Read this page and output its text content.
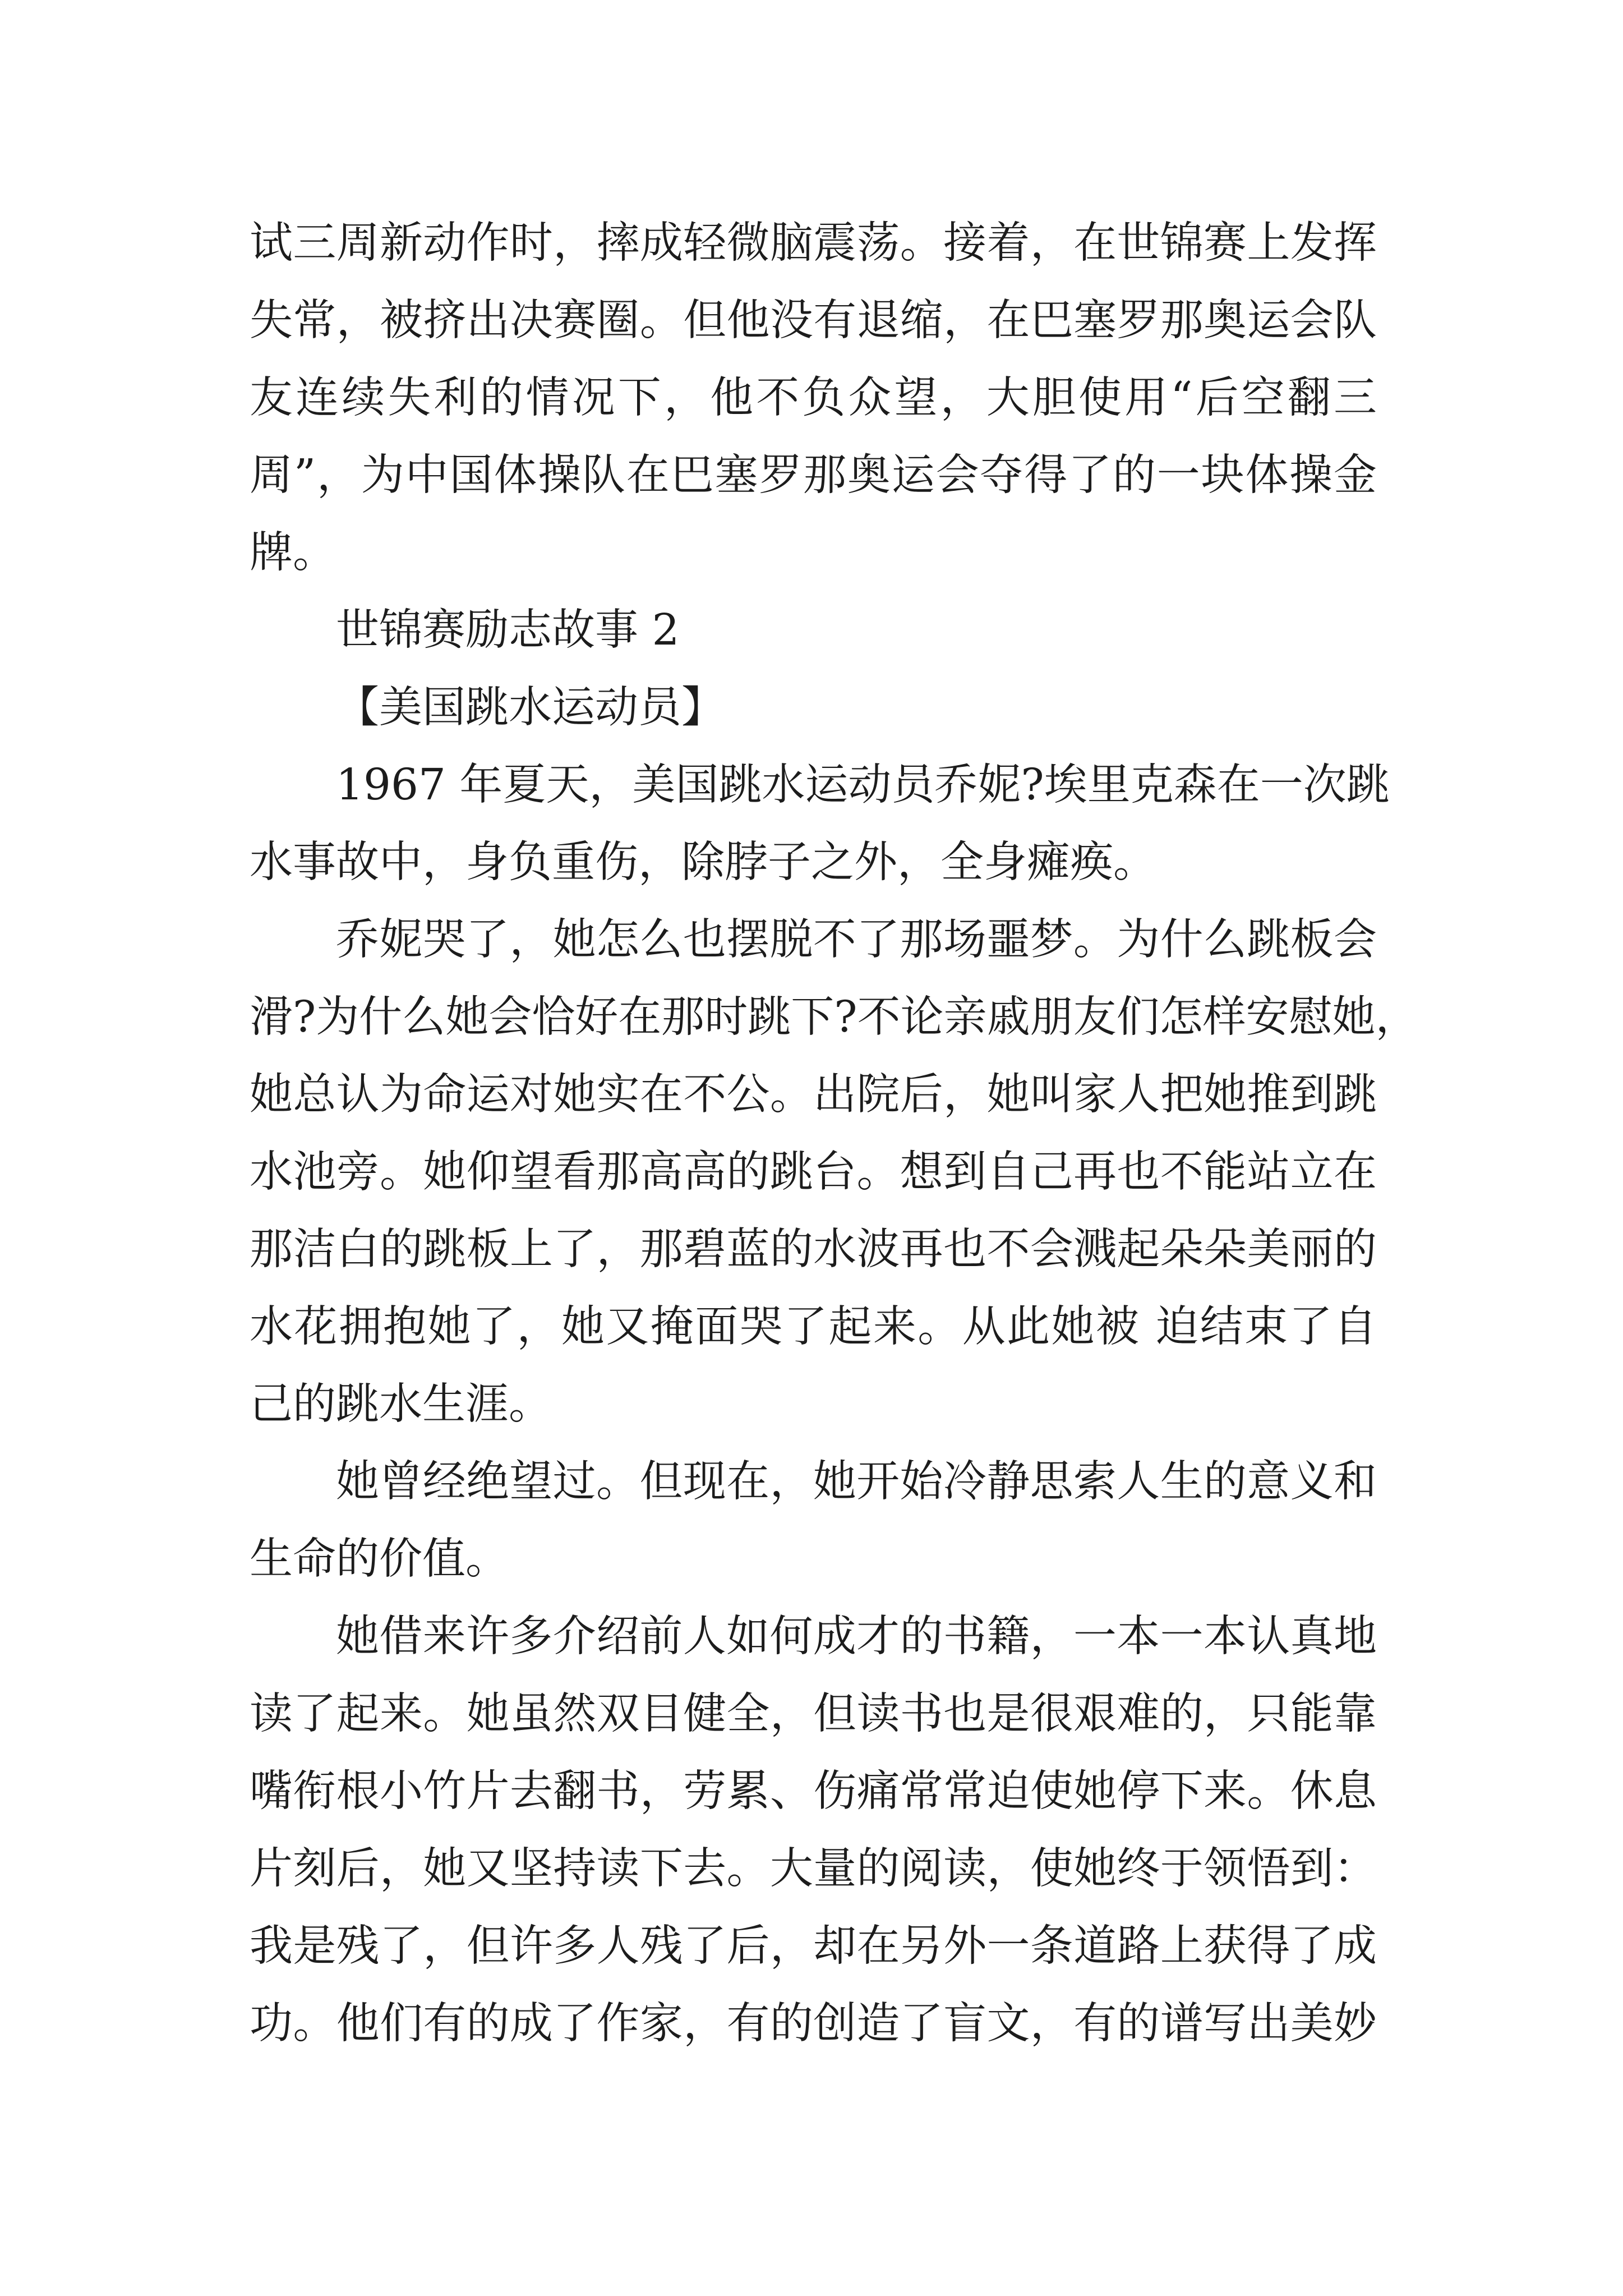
试三周新动作时，摔成轻微脑震荡。接着，在世锦赛上发挥
失常，被挤出决赛圈。但他没有退缩，在巴塞罗那奥运会队
友连续失利的情况下，他不负众望，大胆使用“后空翻三
周”，为中国体操队在巴塞罗那奥运会夺得了的一块体操金
牌。
世锦赛励志故事 2
【美国跳水运动员】
1967 年夏天，美国跳水运动员乔妮?埃里克森在一次跳
水事故中，身负重伤，除脖子之外，全身瘫痪。
乔妮哭了，她怎么也摆脱不了那场噩梦。为什么跳板会
滑?为什么她会恰好在那时跳下?不论亲戚朋友们怎样安慰她，
她总认为命运对她实在不公。出院后，她叫家人把她推到跳
水池旁。她仰望看那高高的跳台。想到自己再也不能站立在
那洁白的跳板上了，那碧蓝的水波再也不会溅起朵朵美丽的
水花拥抱她了，她又掩面哭了起来。从此她被 迫结束了自
己的跳水生涯。
她曾经绝望过。但现在，她开始冷静思索人生的意义和
生命的价值。
她借来许多介绍前人如何成才的书籍，一本一本认真地
读了起来。她虽然双目健全，但读书也是很艰难的，只能靠
嘴衔根小竹片去翻书，劳累、伤痛常常迫使她停下来。休息
片刻后，她又坚持读下去。大量的阅读，使她终于领悟到：
我是残了，但许多人残了后，却在另外一条道路上获得了成
功。他们有的成了作家，有的创造了盲文，有的谱写出美妙
